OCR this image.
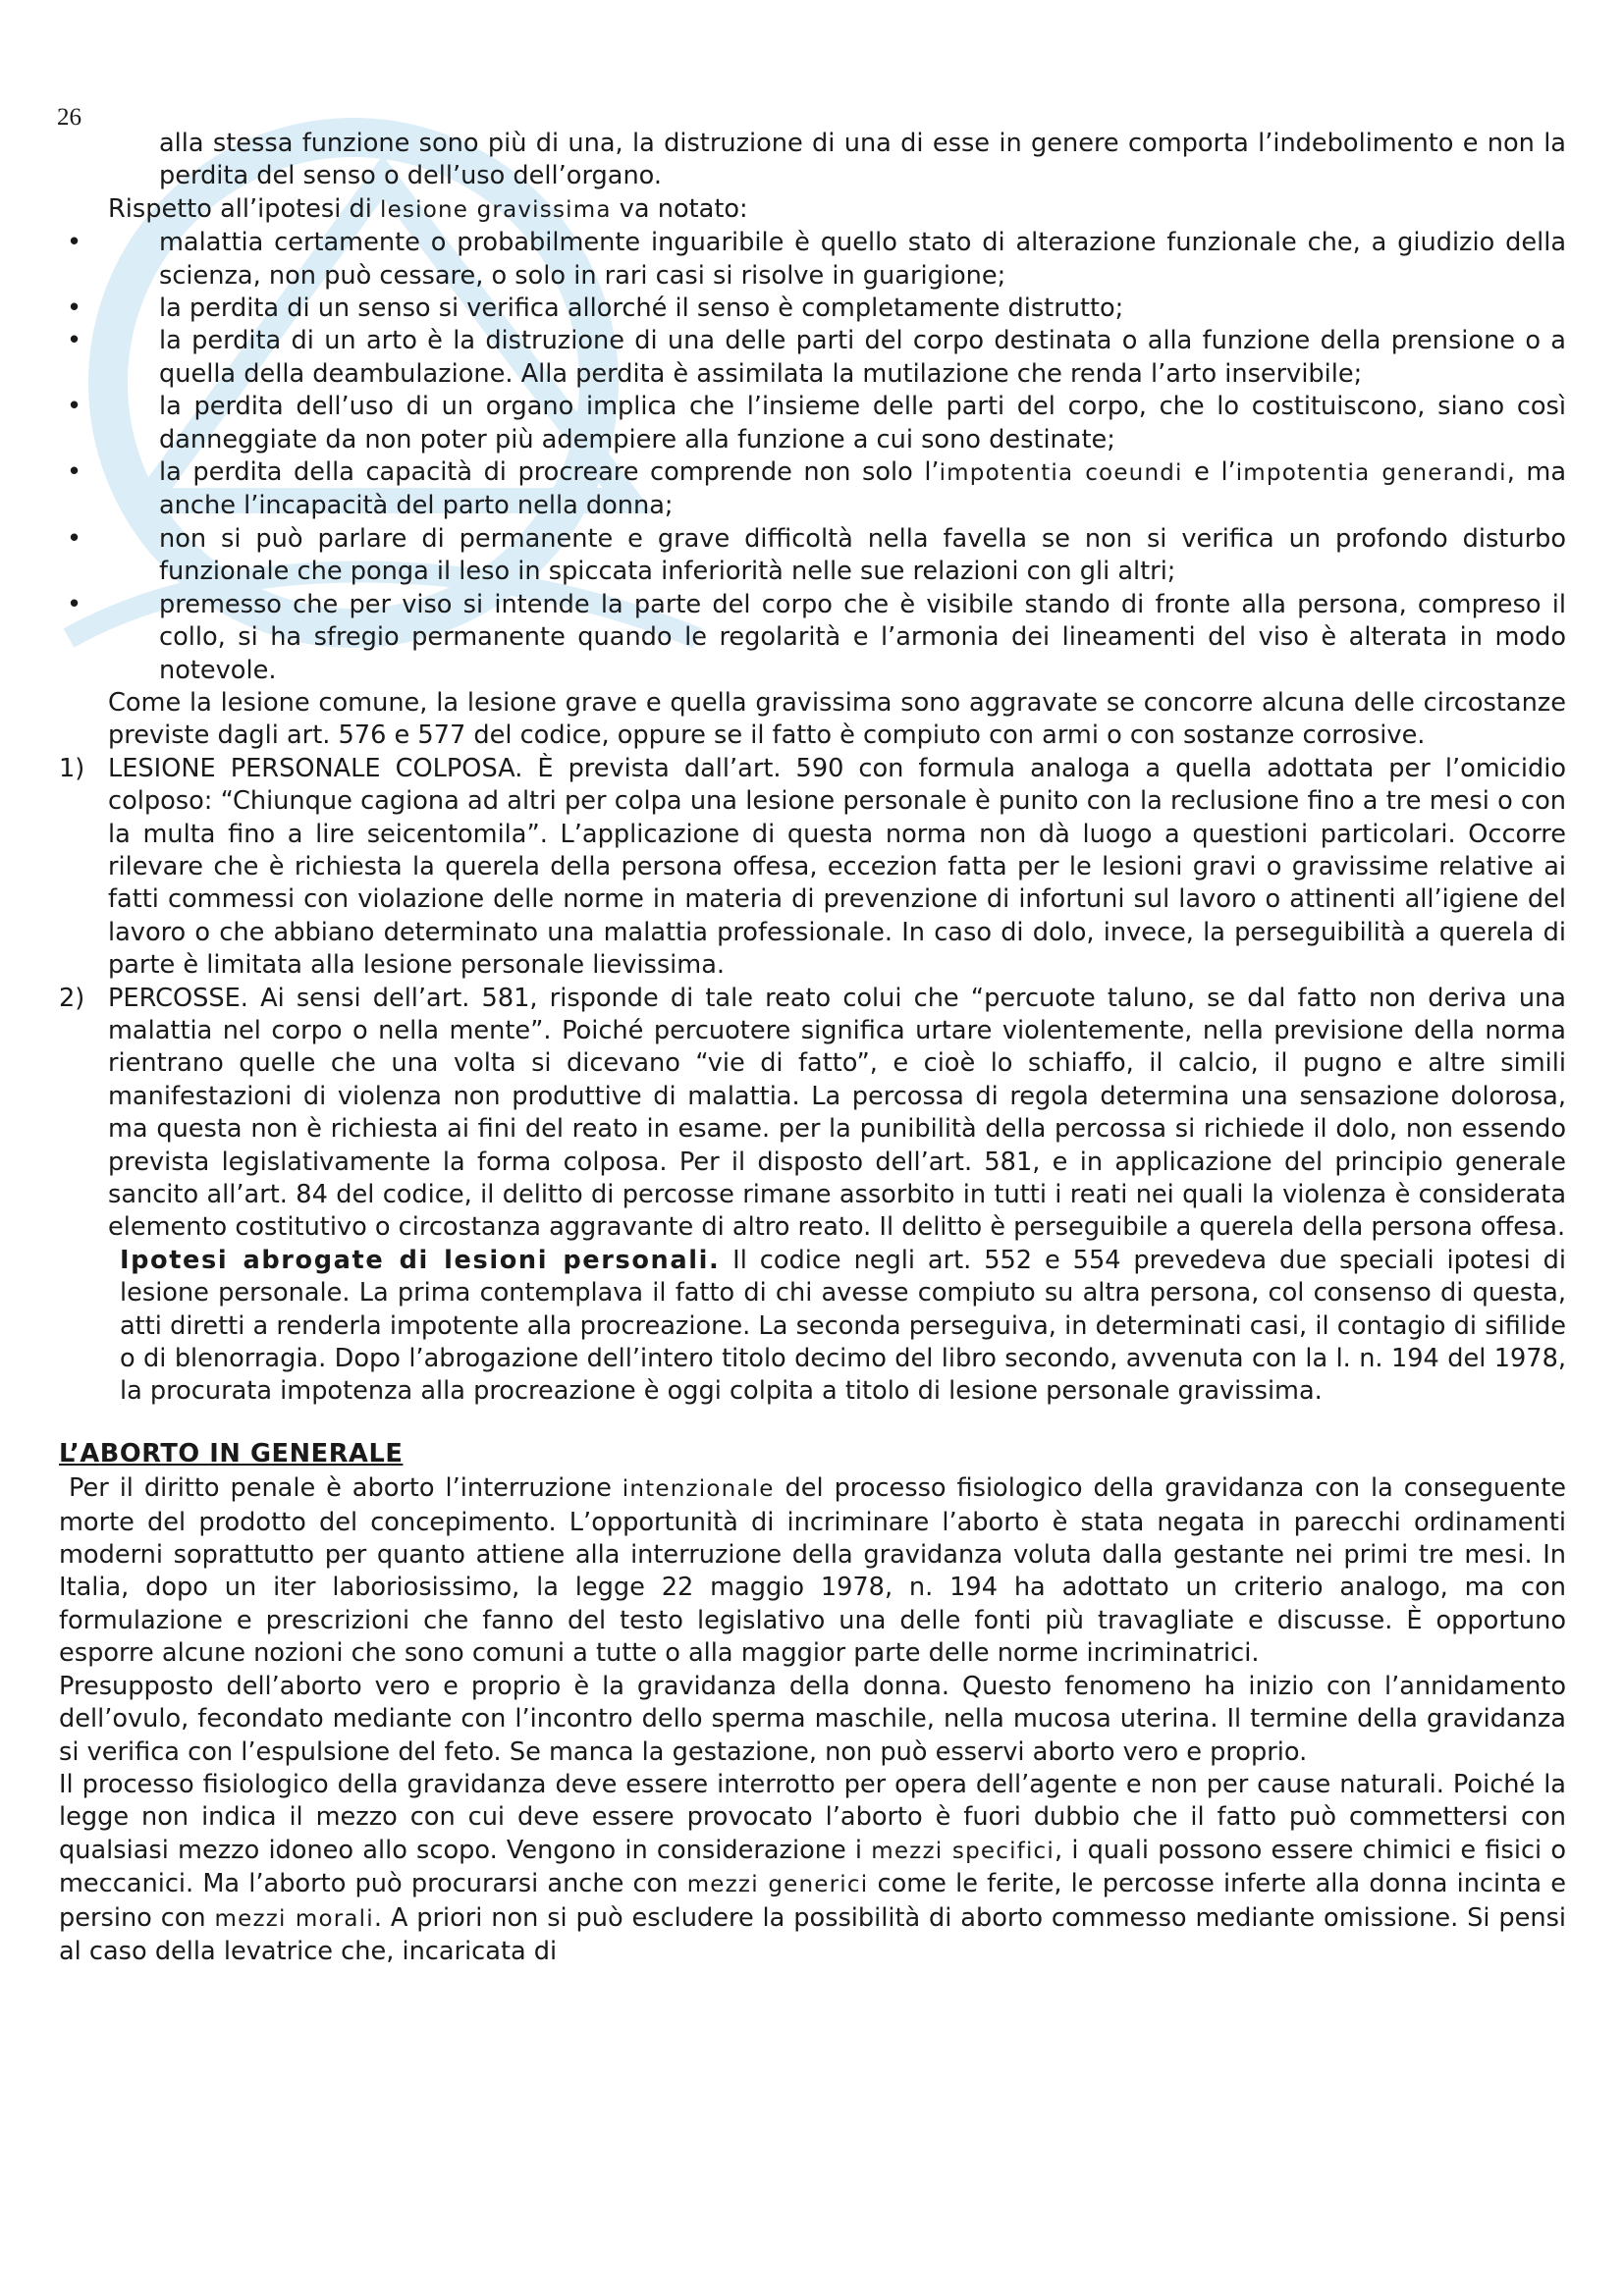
26

alla stessa funzione sono più di una, la distruzione di una di esse in genere comporta l’indebolimento e non la perdita del senso o dell’uso dell’organo.

Rispetto all’ipotesi di lesione gravissima va notato:

•	malattia certamente o probabilmente inguaribile è quello stato di alterazione funzionale che, a giudizio della scienza, non può cessare, o solo in rari casi si risolve in guarigione;
•	la perdita di un senso si verifica allorché il senso è completamente distrutto;
•	la perdita di un arto è la distruzione di una delle parti del corpo destinata o alla funzione della prensione o a quella della deambulazione. Alla perdita è assimilata la mutilazione che renda l’arto inservibile;
•	la perdita dell’uso di un organo implica che l’insieme delle parti del corpo, che lo costituiscono, siano così danneggiate da non poter più adempiere alla funzione a cui sono destinate;
•	la perdita della capacità di procreare comprende non solo l’impotentia coeundi e l’impotentia generandi, ma anche l’incapacità del parto nella donna;
•	non si può parlare di permanente e grave difficoltà nella favella se non si verifica un profondo disturbo funzionale che ponga il leso in spiccata inferiorità nelle sue relazioni con gli altri;
•	premesso che per viso si intende la parte del corpo che è visibile stando di fronte alla persona, compreso il collo, si ha sfregio permanente quando le regolarità e l’armonia dei lineamenti del viso è alterata in modo notevole.

Come la lesione comune, la lesione grave e quella gravissima sono aggravate se concorre alcuna delle circostanze previste dagli art. 576 e 577 del codice, oppure se il fatto è compiuto con armi o con sostanze corrosive.

1) LESIONE PERSONALE COLPOSA. È prevista dall’art. 590 con formula analoga a quella adottata per l’omicidio colposo: “Chiunque cagiona ad altri per colpa una lesione personale è punito con la reclusione fino a tre mesi o con la multa fino a lire seicentomila”. L’applicazione di questa norma non dà luogo a questioni particolari. Occorre rilevare che è richiesta la querela della persona offesa, eccezion fatta per le lesioni gravi o gravissime relative ai fatti commessi con violazione delle norme in materia di prevenzione di infortuni sul lavoro o attinenti all’igiene del lavoro o che abbiano determinato una malattia professionale. In caso di dolo, invece, la perseguibilità a querela di parte è limitata alla lesione personale lievissima.
2) PERCOSSE. Ai sensi dell’art. 581, risponde di tale reato colui che “percuote taluno, se dal fatto non deriva una malattia nel corpo o nella mente”. Poiché percuotere significa urtare violentemente, nella previsione della norma rientrano quelle che una volta si dicevano “vie di fatto”, e cioè lo schiaffo, il calcio, il pugno e altre simili manifestazioni di violenza non produttive di malattia. La percossa di regola determina una sensazione dolorosa, ma questa non è richiesta ai fini del reato in esame. per la punibilità della percossa si richiede il dolo, non essendo prevista legislativamente la forma colposa. Per il disposto dell’art. 581, e in applicazione del principio generale sancito all’art. 84 del codice, il delitto di percosse rimane assorbito in tutti i reati nei quali la violenza è considerata elemento costitutivo o circostanza aggravante di altro reato. Il delitto è perseguibile a querela della persona offesa.

Ipotesi abrogate di lesioni personali. Il codice negli art. 552 e 554 prevedeva due speciali ipotesi di lesione personale. La prima contemplava il fatto di chi avesse compiuto su altra persona, col consenso di questa, atti diretti a renderla impotente alla procreazione. La seconda perseguiva, in determinati casi, il contagio di sifilide o di blenorragia. Dopo l’abrogazione dell’intero titolo decimo del libro secondo, avvenuta con la l. n. 194 del 1978, la procurata impotenza alla procreazione è oggi colpita a titolo di lesione personale gravissima.

L’ABORTO IN GENERALE

Per il diritto penale è aborto l’interruzione intenzionale del processo fisiologico della gravidanza con la conseguente morte del prodotto del concepimento. L’opportunità di incriminare l’aborto è stata negata in parecchi ordinamenti moderni soprattutto per quanto attiene alla interruzione della gravidanza voluta dalla gestante nei primi tre mesi. In Italia, dopo un iter laboriosissimo, la legge 22 maggio 1978, n. 194 ha adottato un criterio analogo, ma con formulazione e prescrizioni che fanno del testo legislativo una delle fonti più travagliate e discusse. È opportuno esporre alcune nozioni che sono comuni a tutte o alla maggior parte delle norme incriminatrici.

Presupposto dell’aborto vero e proprio è la gravidanza della donna. Questo fenomeno ha inizio con l’annidamento dell’ovulo, fecondato mediante con l’incontro dello sperma maschile, nella mucosa uterina. Il termine della gravidanza si verifica con l’espulsione del feto. Se manca la gestazione, non può esservi aborto vero e proprio.

Il processo fisiologico della gravidanza deve essere interrotto per opera dell’agente e non per cause naturali. Poiché la legge non indica il mezzo con cui deve essere provocato l’aborto è fuori dubbio che il fatto può commettersi con qualsiasi mezzo idoneo allo scopo. Vengono in considerazione i mezzi specifici, i quali possono essere chimici e fisici o meccanici. Ma l’aborto può procurarsi anche con mezzi generici come le ferite, le percosse inferte alla donna incinta e persino con mezzi morali. A priori non si può escludere la possibilità di aborto commesso mediante omissione. Si pensi al caso della levatrice che, incaricata di
